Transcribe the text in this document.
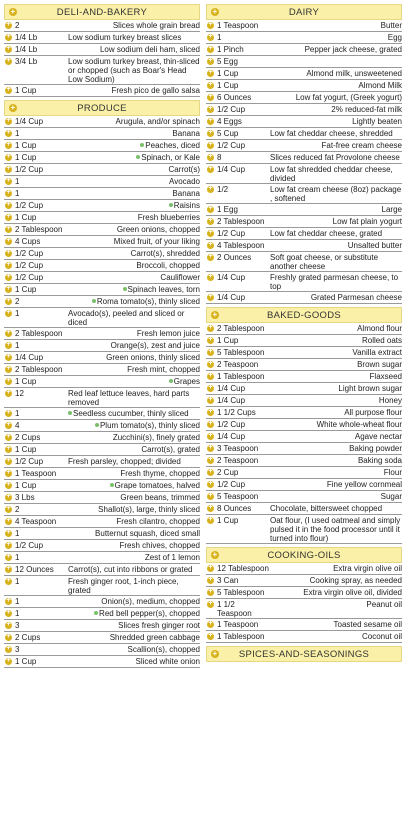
+	DELI-AND-BAKERY
+
2	Slices whole grain bread
+
1/4 Lb	Low sodium turkey breast slices
+
1/4 Lb	Low sodium deli ham, sliced
+
3/4 Lb	Low sodium turkey breast, thin-sliced or chopped (such as Boar's Head Low Sodium)
+
1 Cup	Fresh pico de gallo salsa
+	PRODUCE
+
1/4 Cup	Arugula, and/or spinach
+
1	Banana
+
1 Cup	Peaches, diced
+
1 Cup	Spinach, or Kale
+
1/2 Cup	Carrot(s)
+
1	Avocado
+
1	Banana
+
1/2 Cup	Raisins
+
1 Cup	Fresh blueberries
+
2 Tablespoon	Green onions, chopped
+
4 Cups	Mixed fruit, of your liking
+
1/2 Cup	Carrot(s), shredded
+
1/2 Cup	Broccoli, chopped
+
1/2 Cup	Cauliflower
+
1 Cup	Spinach leaves, torn
+
2	Roma tomato(s), thinly sliced
+
1	Avocado(s), peeled and sliced or diced
+
2 Tablespoon	Fresh lemon juice
+
1	Orange(s), zest and juice
+
1/4 Cup	Green onions, thinly sliced
+
2 Tablespoon	Fresh mint, chopped
+
1 Cup	Grapes
+
12	Red leaf lettuce leaves, hard parts removed
+
1	Seedless cucumber, thinly sliced
+
4	Plum tomato(s), thinly sliced
+
2 Cups	Zucchini(s), finely grated
+
1 Cup	Carrot(s), grated
+
1/2 Cup	Fresh parsley, chopped; divided
+
1 Teaspoon	Fresh thyme, chopped
+
1 Cup	Grape tomatoes, halved
+
3 Lbs	Green beans, trimmed
+
2	Shallot(s), large, thinly sliced
+
4 Teaspoon	Fresh cilantro, chopped
+
1	Butternut squash, diced small
+
1/2 Cup	Fresh chives, chopped
+
1	Zest of 1 lemon
+
12 Ounces Carrot(s), cut into ribbons or grated
+
1	Fresh ginger root, 1-inch piece, grated
+
1	Onion(s), medium, chopped
+
1	Red bell pepper(s), chopped
+
3	Slices fresh ginger root
+
2 Cups	Shredded green cabbage
+
3	Scallion(s), chopped
+
1 Cup	Sliced white onion
+	DAIRY
+
1 Teaspoon	Butter
+
1	Egg
+
1 Pinch	Pepper jack cheese, grated
+
5 Egg
+
1 Cup	Almond milk, unsweetened
+
1 Cup	Almond Milk
+
6 Ounces	Low fat yogurt, (Greek yogurt)
+
1/2 Cup	2% reduced-fat milk
+
4 Eggs	Lightly beaten
+
5 Cup	Low fat cheddar cheese, shredded
+
1/2 Cup	Fat-free cream cheese
+
8	Slices reduced fat Provolone cheese
+
1/4 Cup	Low fat shredded cheddar cheese, divided
+
1/2	Low fat cream cheese (8oz) package , softened
+
1 Egg	Large
+
2 Tablespoon	Low fat plain yogurt
+
1/2 Cup	Low fat cheddar cheese, grated
+
4 Tablespoon	Unsalted butter
+
2 Ounces Soft goat cheese, or substitute another cheese
+
1/4 Cup	Freshly grated parmesan cheese, to top
+
1/4 Cup	Grated Parmesan cheese
+	BAKED-GOODS
+
2 Tablespoon	Almond flour
+
1 Cup	Rolled oats
+
5 Tablespoon	Vanilla extract
+
2 Teaspoon	Brown sugar
+
1 Tablespoon	Flaxseed
+
1/4 Cup	Light brown sugar
+
1/4 Cup	Honey
+
1 1/2 Cups	All purpose flour
+
1/2 Cup	White whole-wheat flour
+
1/4 Cup	Agave nectar
+
3 Teaspoon	Baking powder
+
2 Teaspoon	Baking soda
+
2 Cup	Flour
+
1/2 Cup	Fine yellow cornmeal
+
5 Teaspoon	Sugar
+
8 Ounces Chocolate, bittersweet chopped
+
1 Cup	Oat flour, (I used oatmeal and simply pulsed it in the food processor until it turned into flour)
+	COOKING-OILS
+
12 Tablespoon	Extra virgin olive oil
+
3 Can	Cooking spray, as needed
+
5 Tablespoon	Extra virgin olive oil, divided
+
1 1/2 Teaspoon
Peanut oil
+
1 Teaspoon	Toasted sesame oil
+
1 Tablespoon	Coconut oil
+ SPICES-AND-SEASONINGS
